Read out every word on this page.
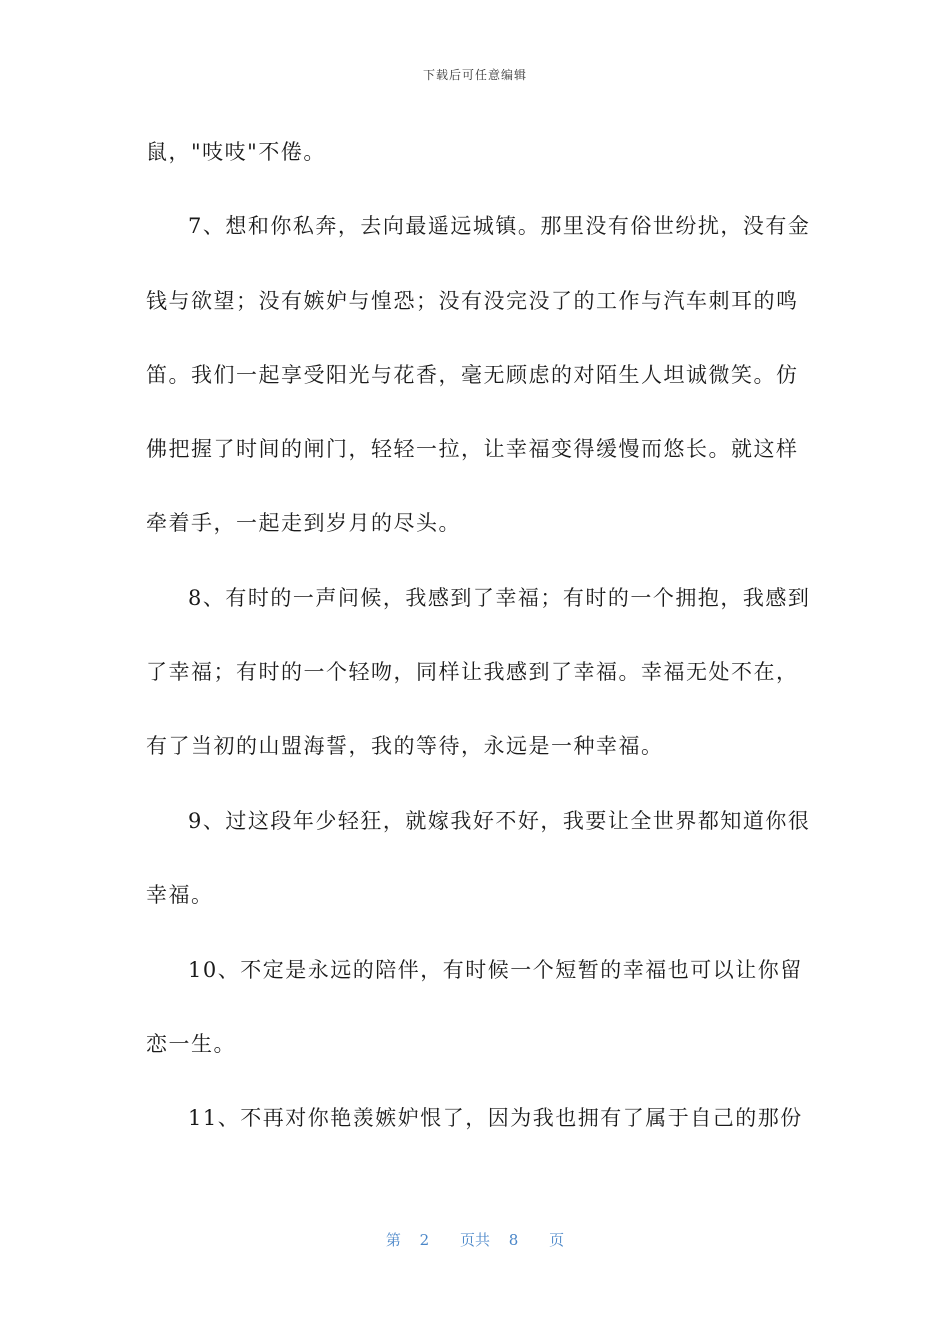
下载后可任意编辑
鼠，"吱吱"不倦。
7、想和你私奔，去向最遥远城镇。那里没有俗世纷扰，没有金
钱与欲望；没有嫉妒与惶恐；没有没完没了的工作与汽车刺耳的鸣
笛。我们一起享受阳光与花香，毫无顾虑的对陌生人坦诚微笑。仿
佛把握了时间的闸门，轻轻一拉，让幸福变得缓慢而悠长。就这样
牵着手，一起走到岁月的尽头。
8、有时的一声问候，我感到了幸福；有时的一个拥抱，我感到
了幸福；有时的一个轻吻，同样让我感到了幸福。幸福无处不在，
有了当初的山盟海誓，我的等待，永远是一种幸福。
9、过这段年少轻狂，就嫁我好不好，我要让全世界都知道你很
幸福。
10、不定是永远的陪伴，有时候一个短暂的幸福也可以让你留
恋一生。
11、不再对你艳羡嫉妒恨了，因为我也拥有了属于自己的那份
第 2 页共 8 页
